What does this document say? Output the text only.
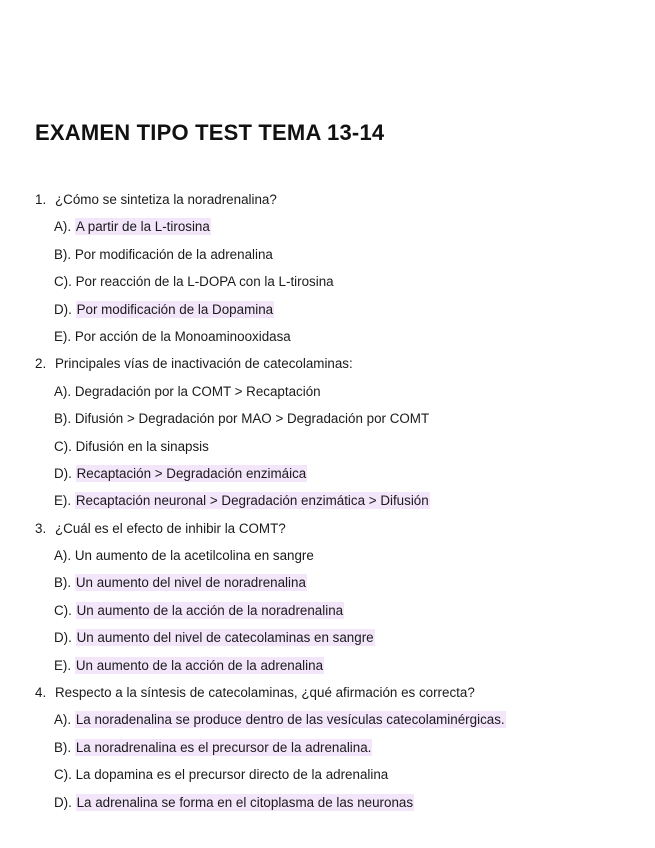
EXAMEN TIPO TEST TEMA 13-14
1. ¿Cómo se sintetiza la noradrenalina?
A). A partir de la L-tirosina
B). Por modificación de la adrenalina
C). Por reacción de la L-DOPA con la L-tirosina
D). Por modificación de la Dopamina
E). Por acción de la Monoaminooxidasa
2. Principales vías de inactivación de catecolaminas:
A). Degradación por la COMT > Recaptación
B). Difusión > Degradación por MAO > Degradación por COMT
C). Difusión en la sinapsis
D). Recaptación > Degradación enzimáica
E). Recaptación neuronal > Degradación enzimática > Difusión
3. ¿Cuál es el efecto de inhibir la COMT?
A). Un aumento de la acetilcolina en sangre
B). Un aumento del nivel de noradrenalina
C). Un aumento de la acción de la noradrenalina
D). Un aumento del nivel de catecolaminas en sangre
E). Un aumento de la acción de la adrenalina
4. Respecto a la síntesis de catecolaminas, ¿qué afirmación es correcta?
A). La noradenalina se produce dentro de las vesículas catecolaminérgicas.
B). La noradrenalina es el precursor de la adrenalina.
C). La dopamina es el precursor directo de la adrenalina
D). La adrenalina se forma en el citoplasma de las neuronas
